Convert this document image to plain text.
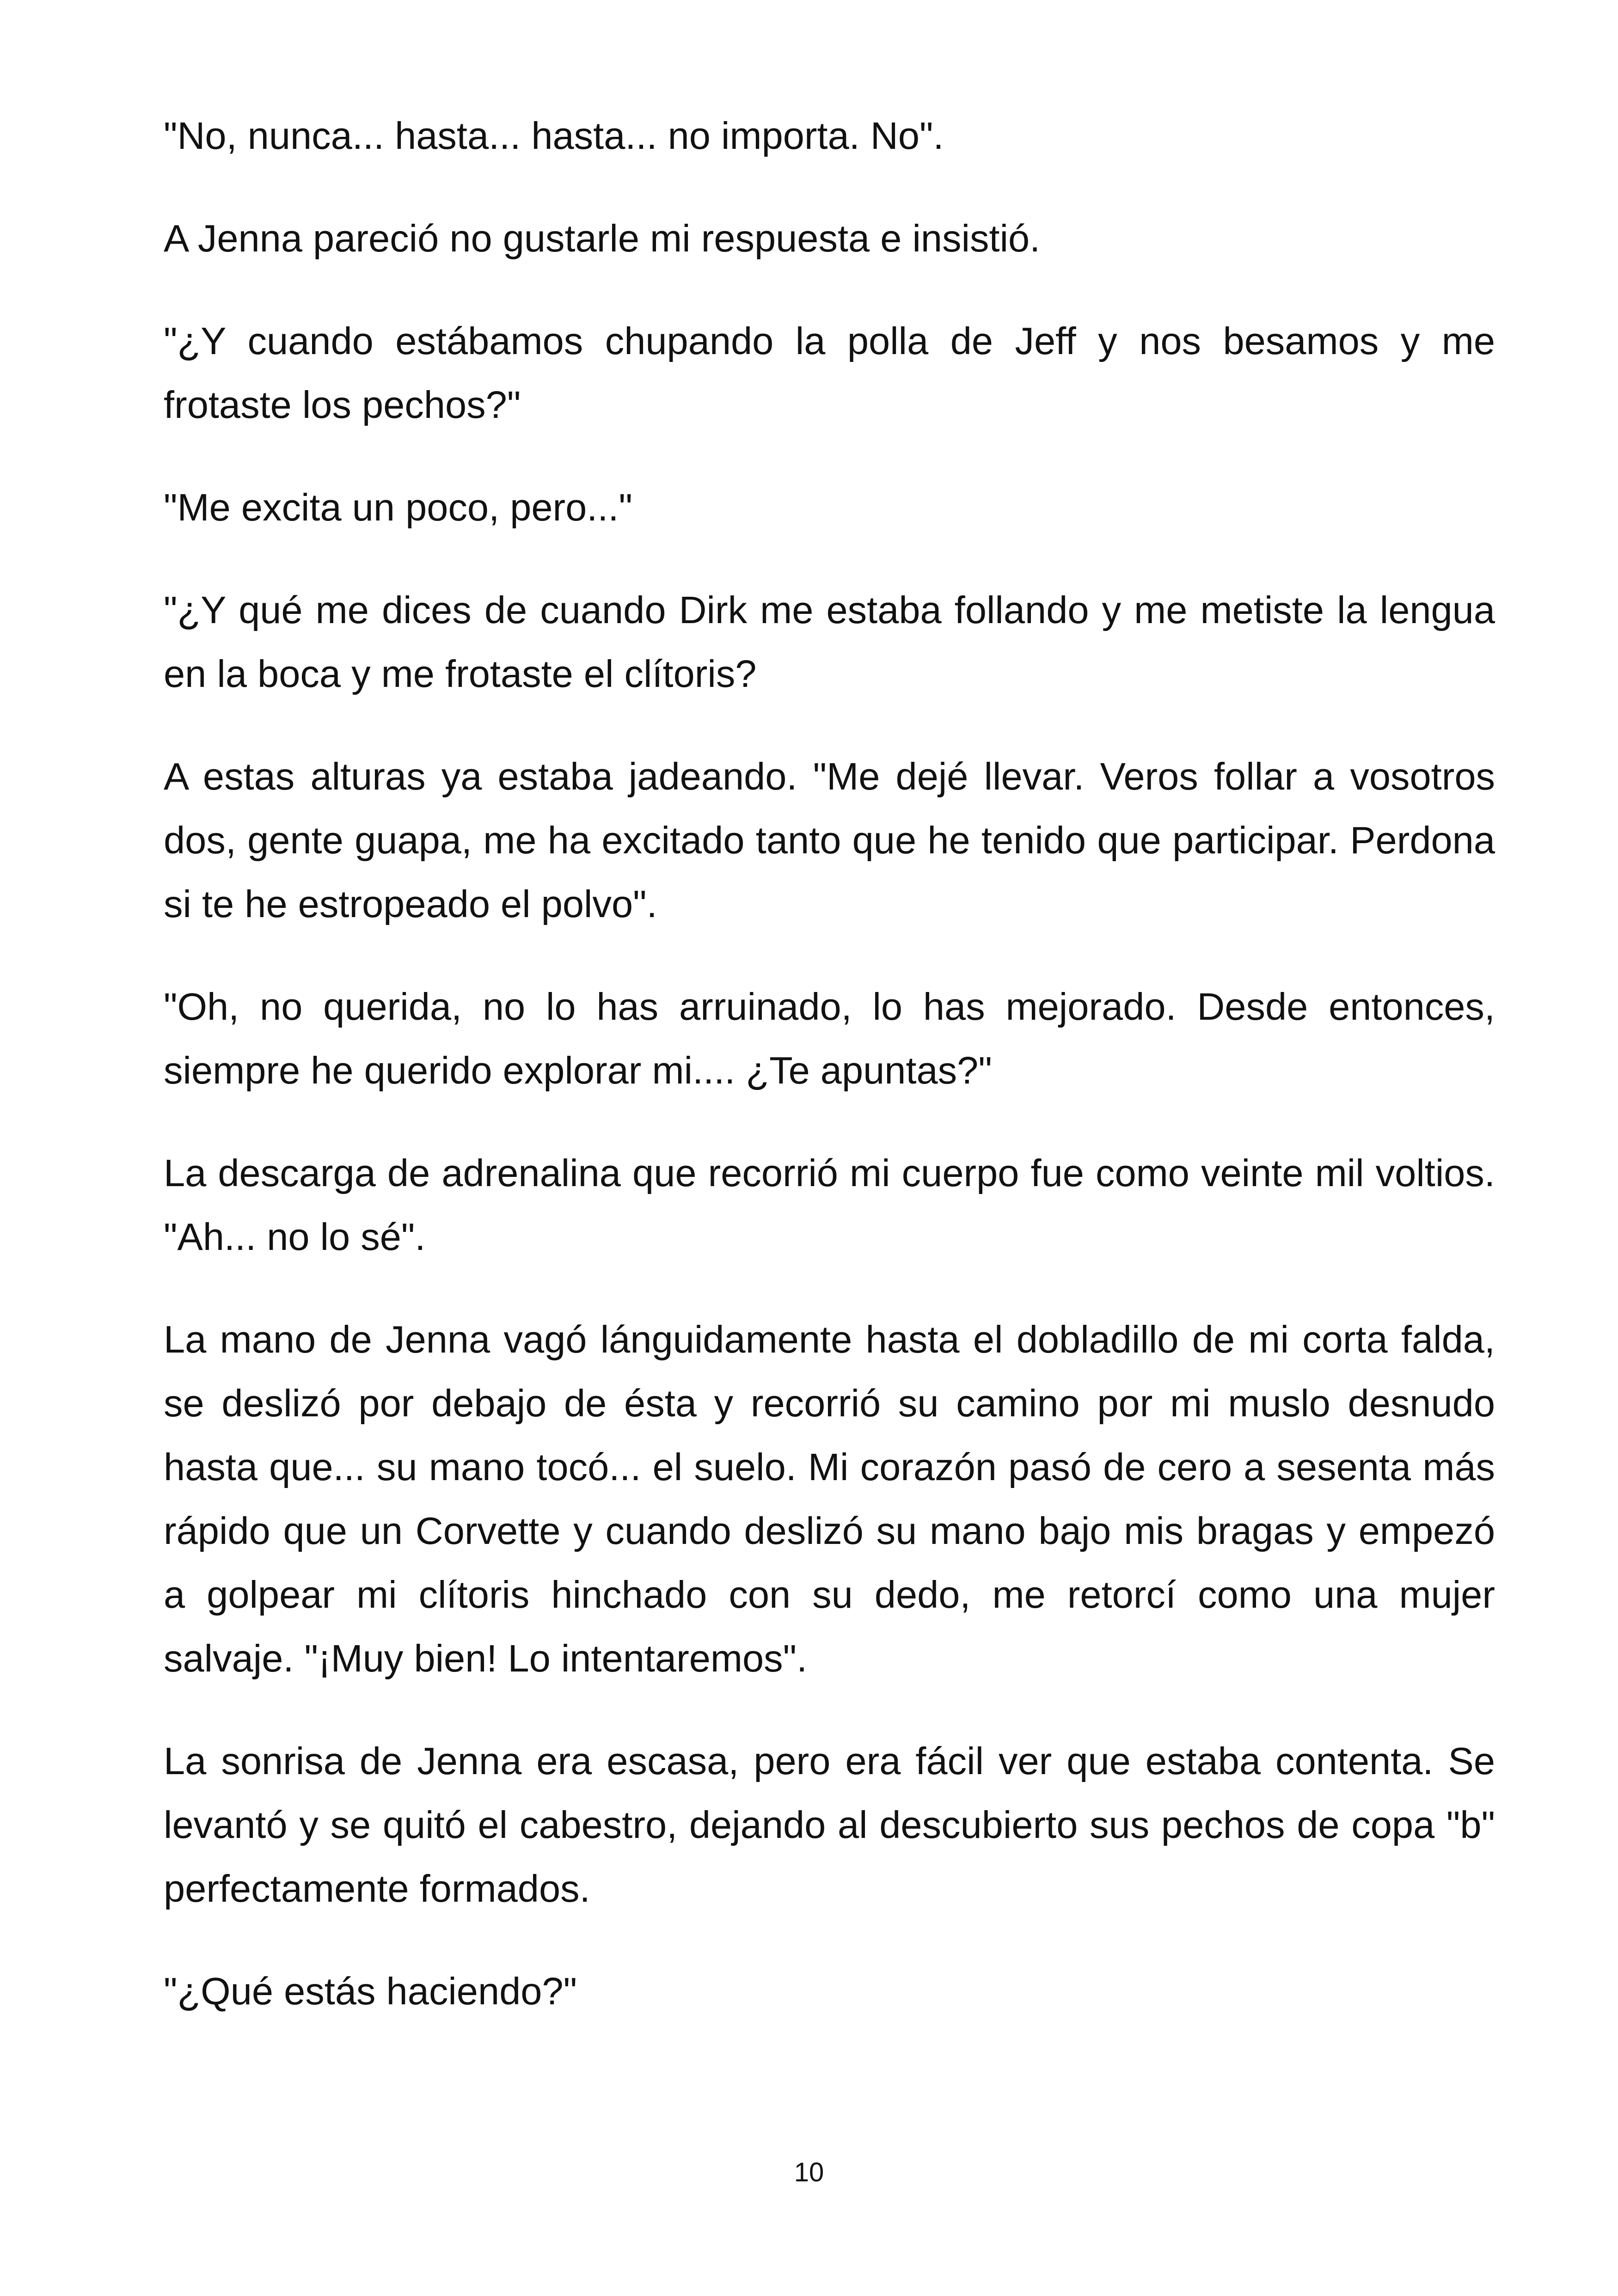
"No, nunca... hasta... hasta... no importa. No".

A Jenna pareció no gustarle mi respuesta e insistió.

"¿Y cuando estábamos chupando la polla de Jeff y nos besamos y me frotaste los pechos?"

"Me excita un poco, pero..."

"¿Y qué me dices de cuando Dirk me estaba follando y me metiste la lengua en la boca y me frotaste el clítoris?

A estas alturas ya estaba jadeando. "Me dejé llevar. Veros follar a vosotros dos, gente guapa, me ha excitado tanto que he tenido que participar. Perdona si te he estropeado el polvo".

"Oh, no querida, no lo has arruinado, lo has mejorado. Desde entonces, siempre he querido explorar mi.... ¿Te apuntas?"

La descarga de adrenalina que recorrió mi cuerpo fue como veinte mil voltios. "Ah... no lo sé".

La mano de Jenna vagó lánguidamente hasta el dobladillo de mi corta falda, se deslizó por debajo de ésta y recorrió su camino por mi muslo desnudo hasta que... su mano tocó... el suelo. Mi corazón pasó de cero a sesenta más rápido que un Corvette y cuando deslizó su mano bajo mis bragas y empezó a golpear mi clítoris hinchado con su dedo, me retorcí como una mujer salvaje. "¡Muy bien! Lo intentaremos".

La sonrisa de Jenna era escasa, pero era fácil ver que estaba contenta. Se levantó y se quitó el cabestro, dejando al descubierto sus pechos de copa "b" perfectamente formados.

"¿Qué estás haciendo?"

10
